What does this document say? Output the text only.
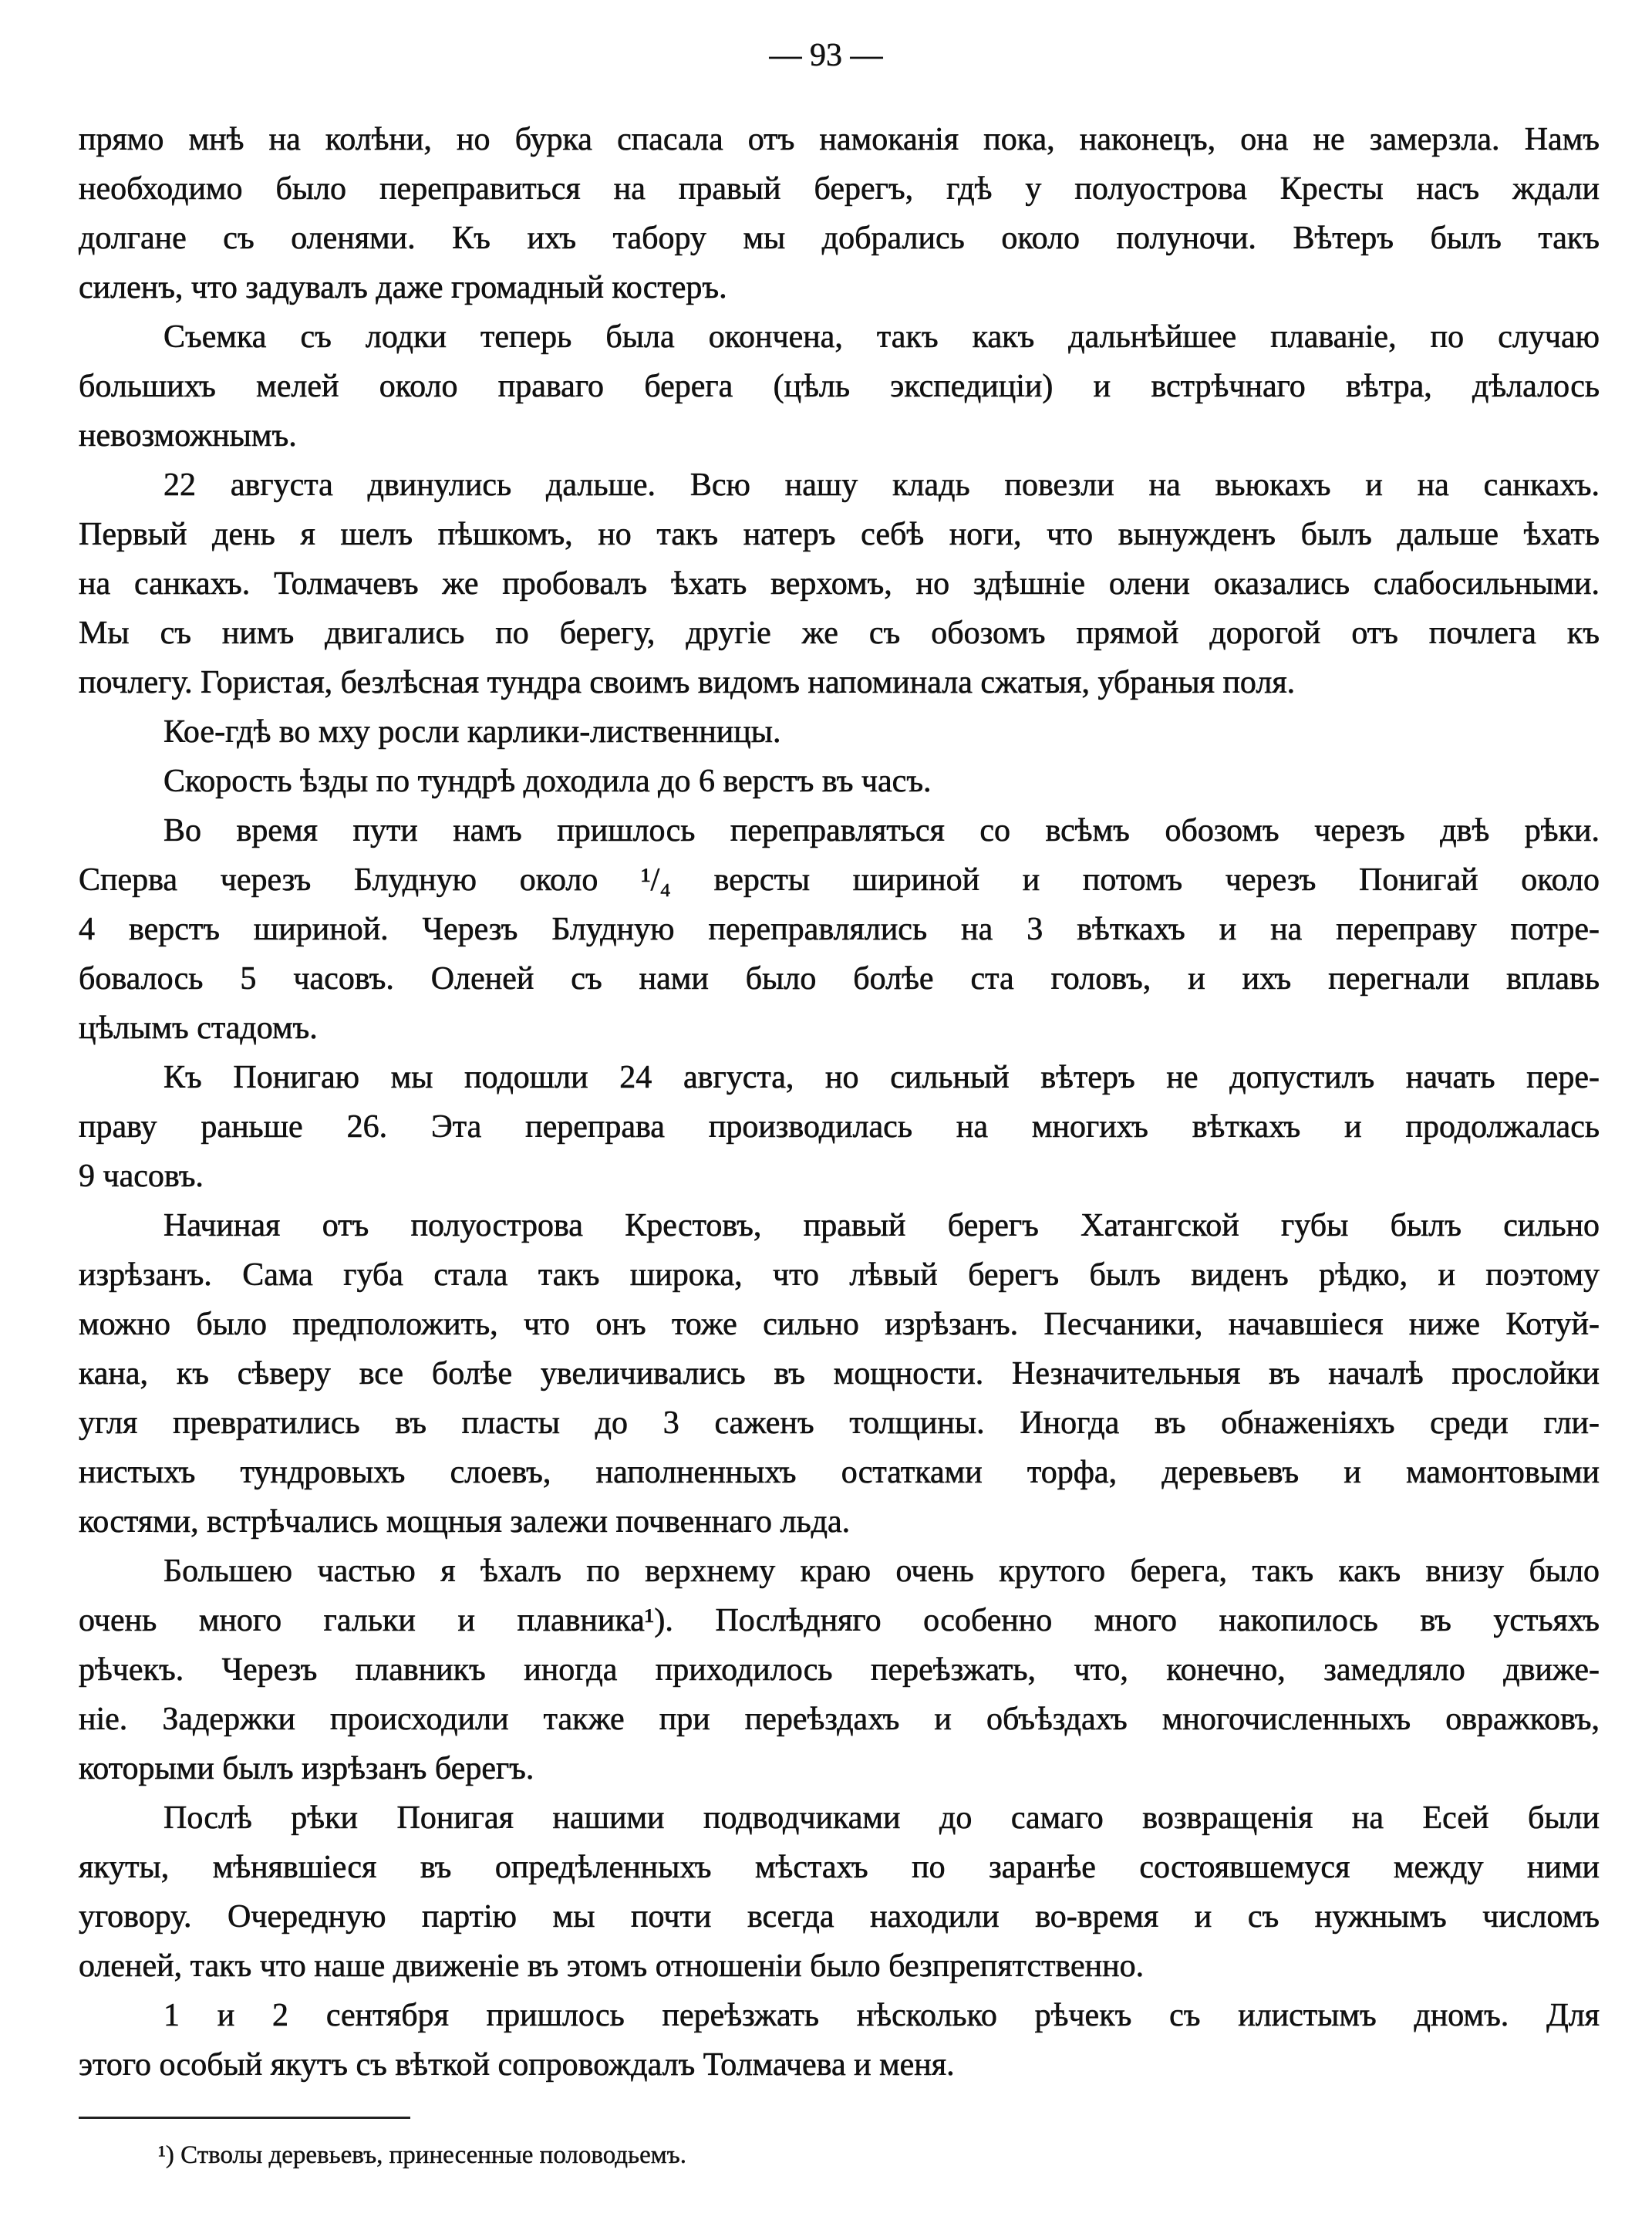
— 93 —
прямо мнѣ на колѣни, но бурка спасала отъ намоканія пока, наконецъ, она не замерзла. Намъ
необходимо было переправиться на правый берегъ, гдѣ у полуострова Кресты насъ ждали
долгане съ оленями. Къ ихъ табору мы добрались около полуночи. Вѣтеръ былъ такъ
силенъ, что задувалъ даже громадный костеръ.
Съемка съ лодки теперь была окончена, такъ какъ дальнѣйшее плаваніе, по случаю
большихъ мелей около праваго берега (цѣль экспедиціи) и встрѣчнаго вѣтра, дѣлалось
невозможнымъ.
22 августа двинулись дальше. Всю нашу кладь повезли на вьюкахъ и на санкахъ.
Первый день я шелъ пѣшкомъ, но такъ натеръ себѣ ноги, что вынужденъ былъ дальше ѣхать
на санкахъ. Толмачевъ же пробовалъ ѣхать верхомъ, но здѣшніе олени оказались слабосильными.
Мы съ нимъ двигались по берегу, другіе же съ обозомъ прямой дорогой отъ почлега къ
почлегу. Гористая, безлѣсная тундра своимъ видомъ напоминала сжатыя, убраныя поля.
Кое-гдѣ во мху росли карлики-лиственницы.
Скорость ѣзды по тундрѣ доходила до 6 верстъ въ часъ.
Во время пути намъ пришлось переправляться со всѣмъ обозомъ черезъ двѣ рѣки.
Сперва черезъ Блудную около ¹/₄ версты шириной и потомъ черезъ Понигай около
4 верстъ шириной. Черезъ Блудную переправлялись на 3 вѣткахъ и на переправу потре-
бовалось 5 часовъ. Оленей съ нами было болѣе ста головъ, и ихъ перегнали вплавь
цѣлымъ стадомъ.
Къ Понигаю мы подошли 24 августа, но сильный вѣтеръ не допустилъ начать пере-
праву раньше 26. Эта переправа производилась на многихъ вѣткахъ и продолжалась
9 часовъ.
Начиная отъ полуострова Крестовъ, правый берегъ Хатангской губы былъ сильно
изрѣзанъ. Сама губа стала такъ широка, что лѣвый берегъ былъ виденъ рѣдко, и поэтому
можно было предположить, что онъ тоже сильно изрѣзанъ. Песчаники, начавшіеся ниже Котуй-
кана, къ сѣверу все болѣе увеличивались въ мощности. Незначительныя въ началѣ прослойки
угля превратились въ пласты до 3 саженъ толщины. Иногда въ обнаженіяхъ среди гли-
нистыхъ тундровыхъ слоевъ, наполненныхъ остатками торфа, деревьевъ и мамонтовыми
костями, встрѣчались мощныя залежи почвеннаго льда.
Большею частью я ѣхалъ по верхнему краю очень крутого берега, такъ какъ внизу было
очень много гальки и плавника¹). Послѣдняго особенно много накопилось въ устьяхъ
рѣчекъ. Черезъ плавникъ иногда приходилось переѣзжать, что, конечно, замедляло движе-
ніе. Задержки происходили также при переѣздахъ и объѣздахъ многочисленныхъ овражковъ,
которыми былъ изрѣзанъ берегъ.
Послѣ рѣки Понигая нашими подводчиками до самаго возвращенія на Есей были
якуты, мѣнявшіеся въ опредѣленныхъ мѣстахъ по заранѣе состоявшемуся между ними
уговору. Очередную партію мы почти всегда находили во-время и съ нужнымъ числомъ
оленей, такъ что наше движеніе въ этомъ отношеніи было безпрепятственно.
1 и 2 сентября пришлось переѣзжать нѣсколько рѣчекъ съ илистымъ дномъ. Для
этого особый якутъ съ вѣткой сопровождалъ Толмачева и меня.
¹) Стволы деревьевъ, принесенные половодьемъ.
